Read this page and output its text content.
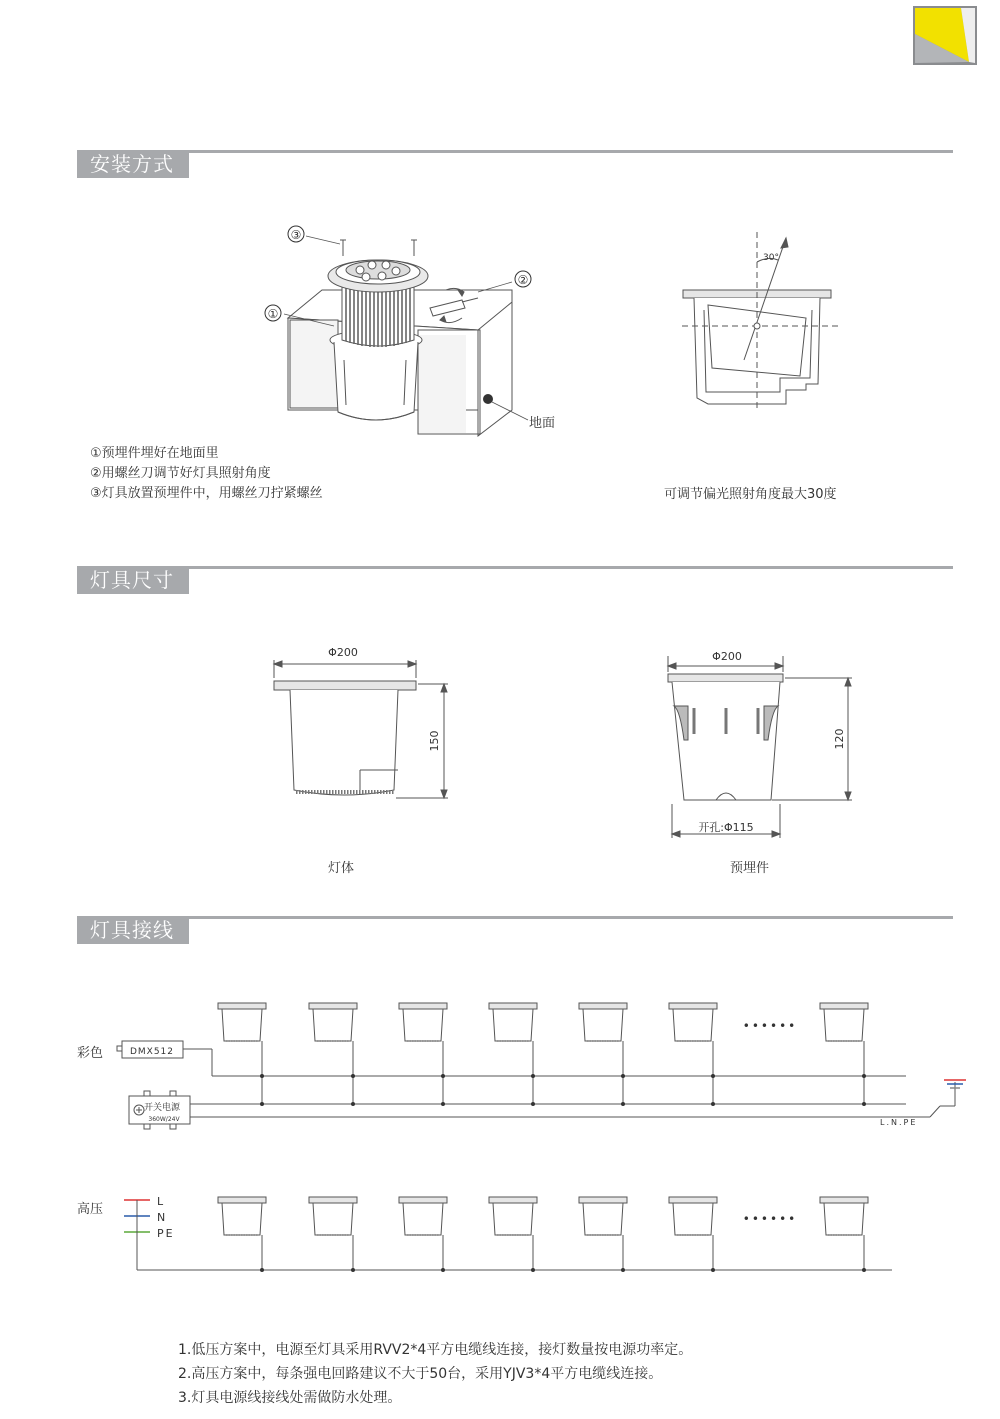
安装方式
灯具尺寸
灯具接线
③
②
①
地面
30°
Φ200
150
Φ200
120
开孔:Φ115
DMX512
开关电源
360W/24V	L.N.PE
••••••
L
N
PE
••••••
①预埋件埋好在地面里
②用螺丝刀调节好灯具照射角度
③灯具放置预埋件中，用螺丝刀拧紧螺丝	可调节偏光照射角度最大30度
灯体	预埋件
彩色
高压
1.低压方案中，电源至灯具采用RVV2*4平方电缆线连接，接灯数量按电源功率定。
2.高压方案中，每条强电回路建议不大于50台，采用YJV3*4平方电缆线连接。
3.灯具电源线接线处需做防水处理。
